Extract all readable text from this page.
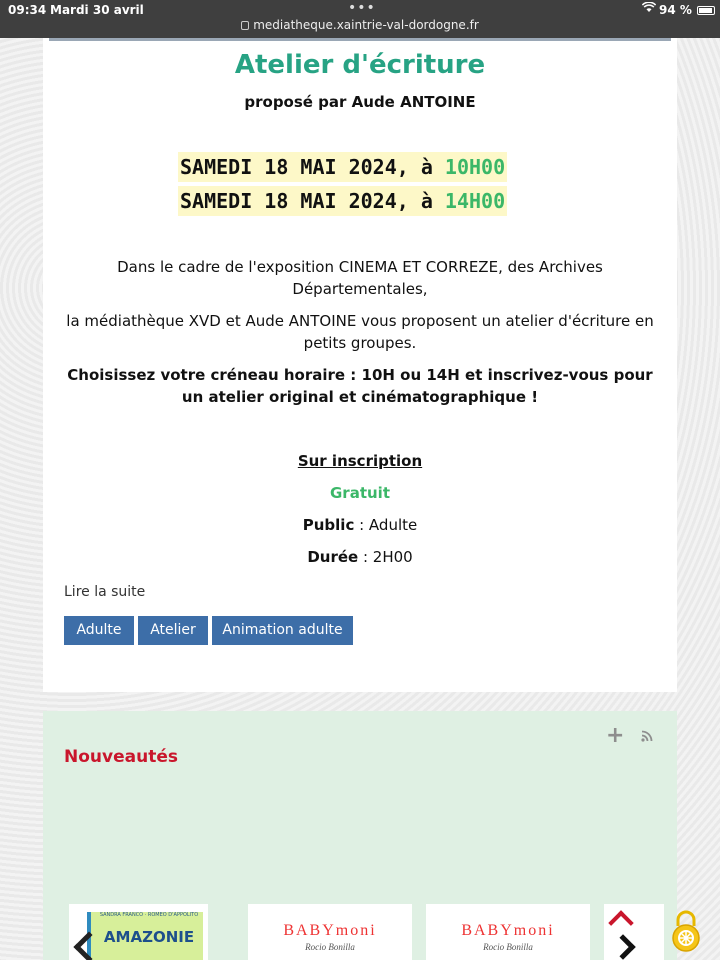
09:34 Mardi 30 avril	•••
mediatheque.xaintrie-val-dordogne.fr
94 %
Atelier d'écriture
proposé par Aude ANTOINE
SAMEDI 18 MAI 2024, à 10H00
SAMEDI 18 MAI 2024, à 14H00
Dans le cadre de l'exposition CINEMA ET CORREZE, des Archives Départementales,
la médiathèque XVD et Aude ANTOINE vous proposent un atelier d'écriture en petits groupes.
Choisissez votre créneau horaire : 10H ou 14H et inscrivez-vous pour un atelier original et cinématographique !
Sur inscription
Gratuit
Public : Adulte
Durée : 2H00
Lire la suite
Adulte	Atelier	Animation adulte
+
Nouveautés
SANDRA FRANCO · ROMEO D'APPOLITO
AMAZONIE	BABYmoni
Rocio Bonilla
BABYmoni
Rocio Bonilla
